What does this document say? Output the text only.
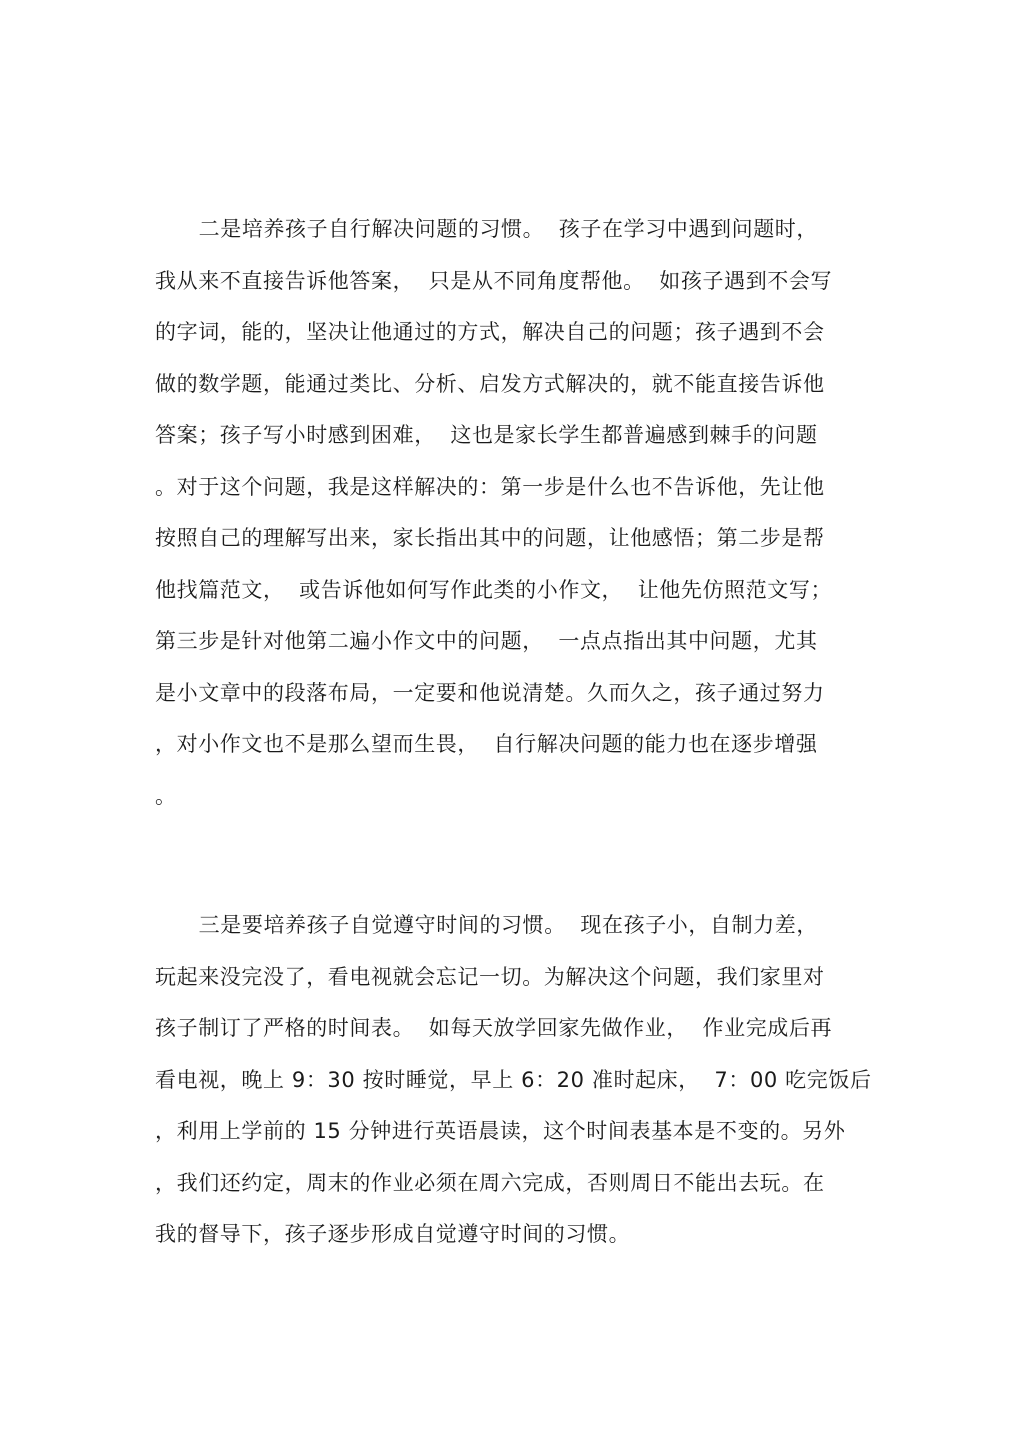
二是培养孩子自行解决问题的习惯。  孩子在学习中遇到问题时，
我从来不直接告诉他答案，  只是从不同角度帮他。  如孩子遇到不会写
的字词，能的，坚决让他通过的方式，解决自己的问题；孩子遇到不会
做的数学题，能通过类比、分析、启发方式解决的，就不能直接告诉他
答案；孩子写小时感到困难，  这也是家长学生都普遍感到棘手的问题
。对于这个问题，我是这样解决的：第一步是什么也不告诉他，先让他
按照自己的理解写出来，家长指出其中的问题，让他感悟；第二步是帮
他找篇范文，  或告诉他如何写作此类的小作文，  让他先仿照范文写；
第三步是针对他第二遍小作文中的问题，  一点点指出其中问题，尤其
是小文章中的段落布局，一定要和他说清楚。久而久之，孩子通过努力
，对小作文也不是那么望而生畏，  自行解决问题的能力也在逐步增强
。
三是要培养孩子自觉遵守时间的习惯。  现在孩子小，自制力差，
玩起来没完没了，看电视就会忘记一切。为解决这个问题，我们家里对
孩子制订了严格的时间表。  如每天放学回家先做作业，  作业完成后再
看电视，晚上 9：30 按时睡觉，早上 6：20 准时起床，  7：00 吃完饭后
，利用上学前的 15 分钟进行英语晨读，这个时间表基本是不变的。另外
，我们还约定，周末的作业必须在周六完成，否则周日不能出去玩。在
我的督导下，孩子逐步形成自觉遵守时间的习惯。
